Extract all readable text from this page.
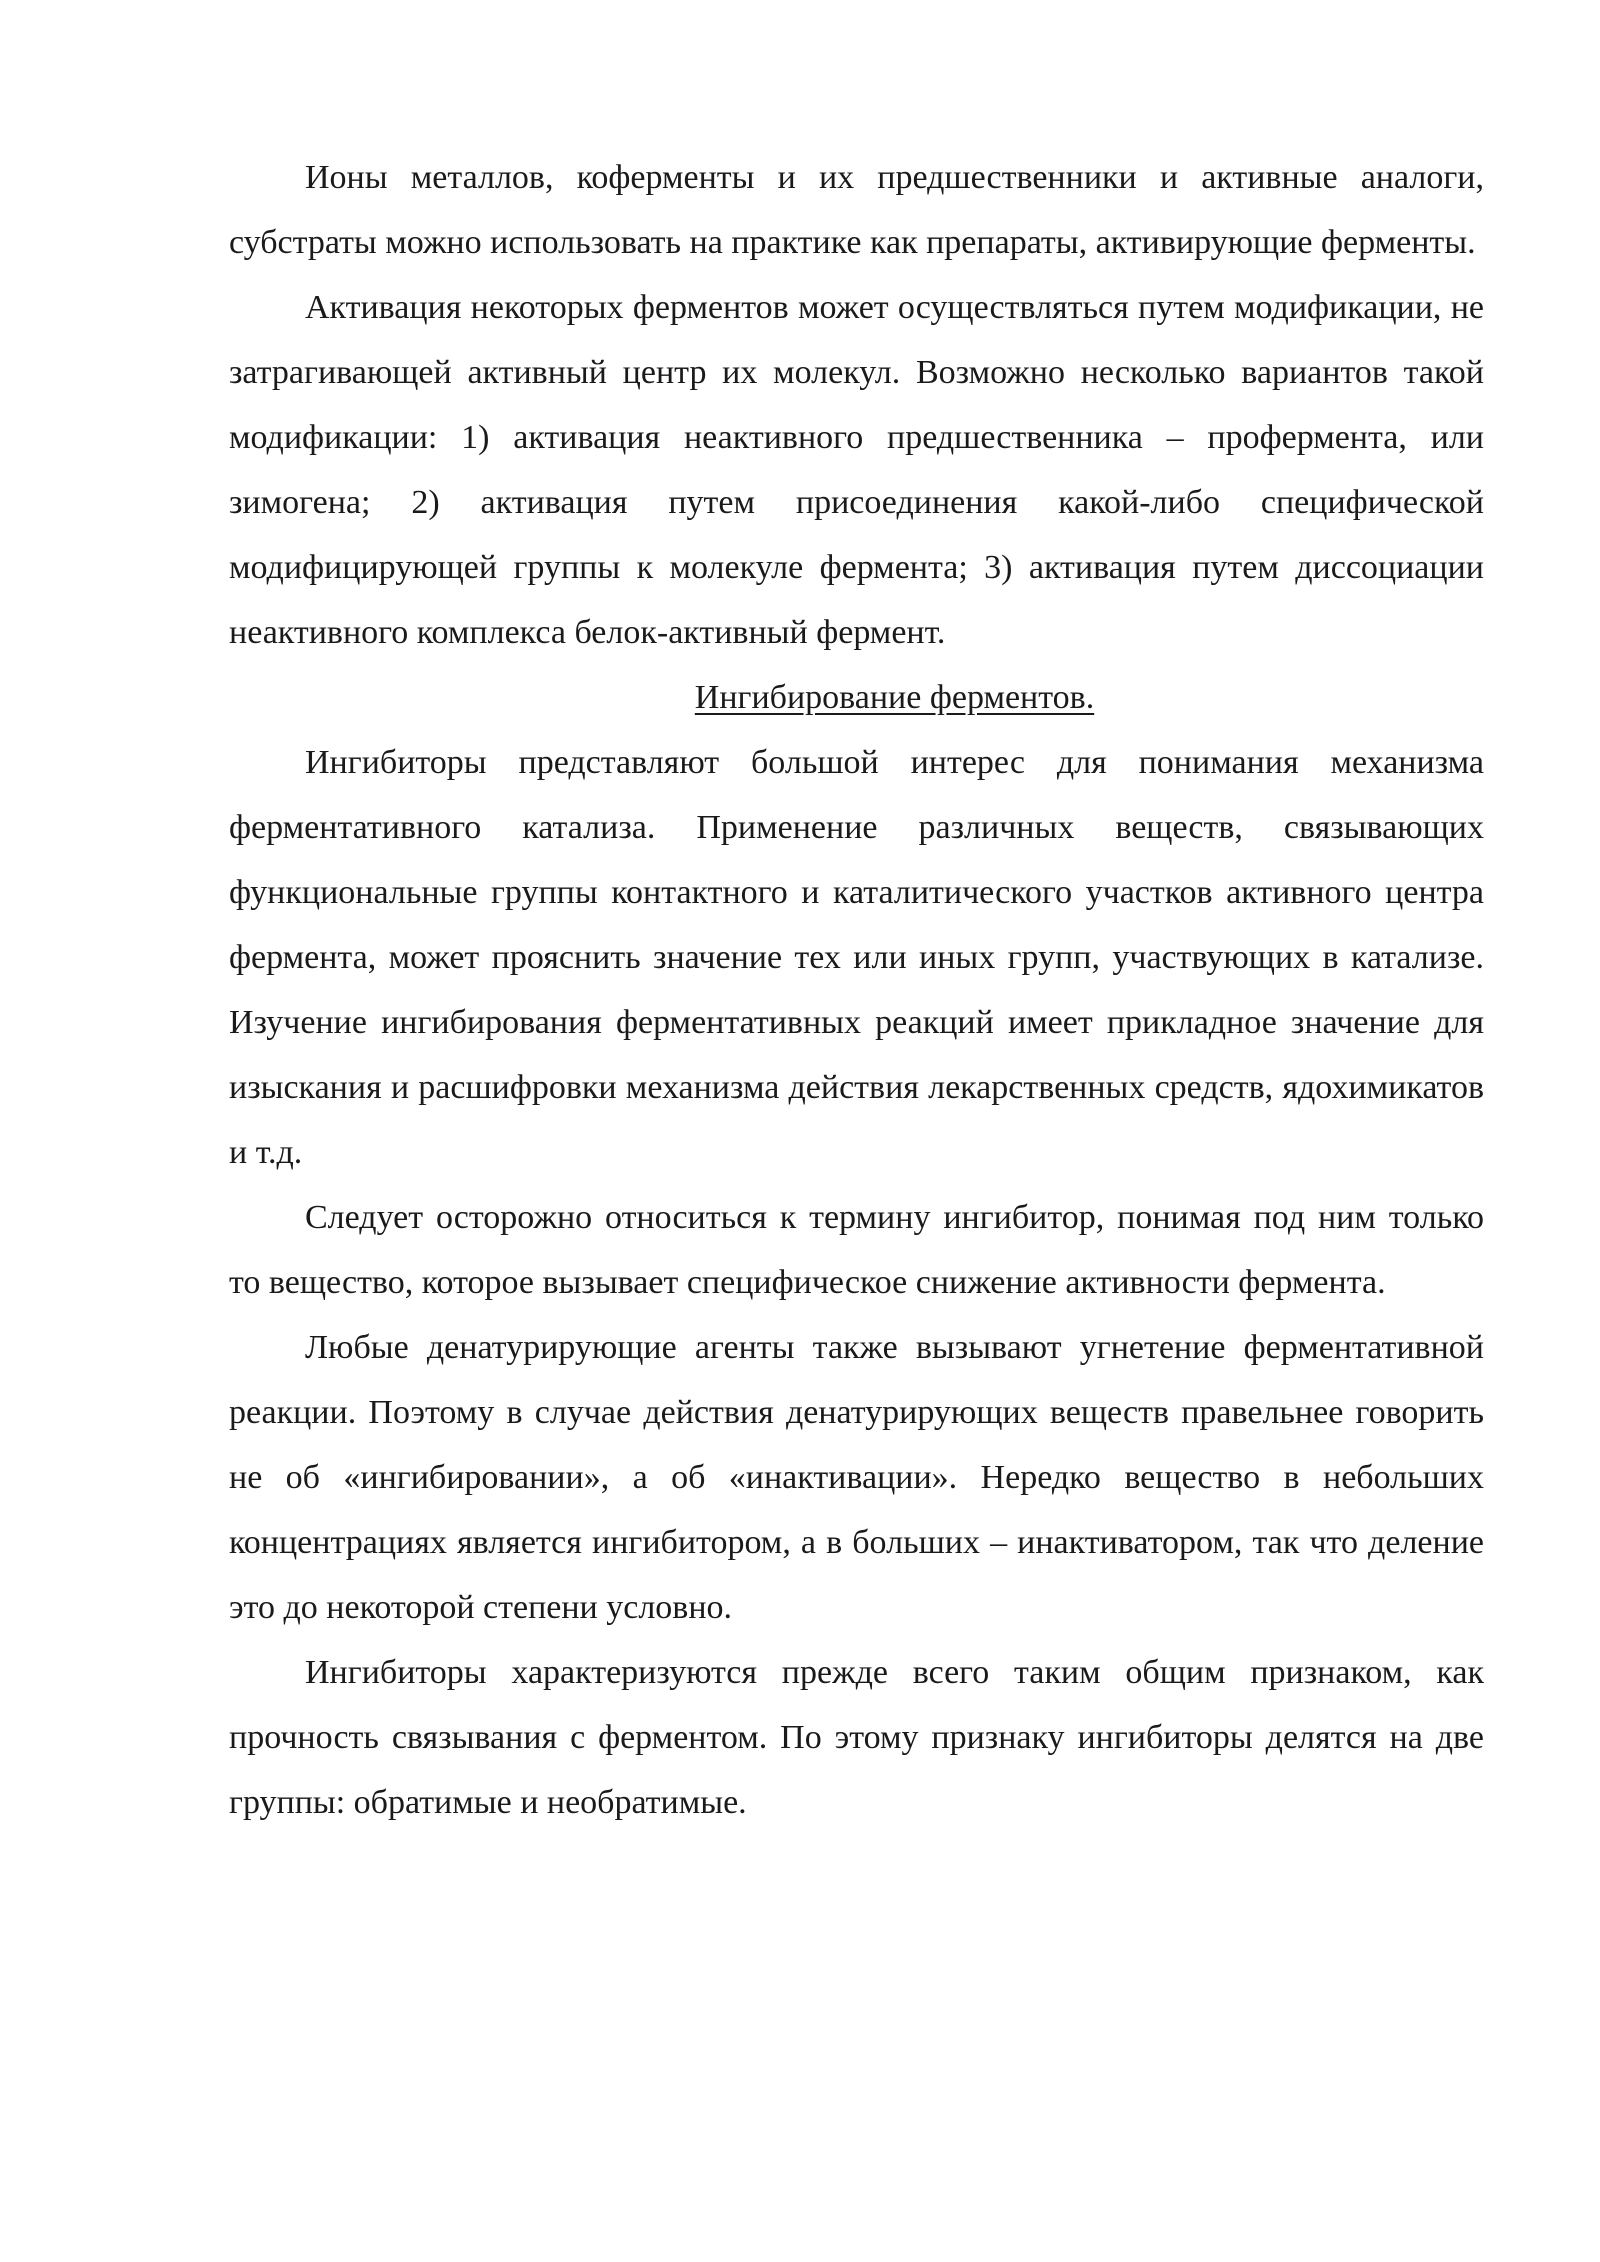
Ионы металлов, коферменты и их предшественники и активные аналоги, субстраты можно использовать на практике как препараты, активирующие ферменты.

Активация некоторых ферментов может осуществляться путем модификации, не затрагивающей активный центр их молекул. Возможно несколько вариантов такой модификации: 1) активация неактивного предшественника – профермента, или зимогена; 2) активация путем присоединения какой-либо специфической модифицирующей группы к молекуле фермента; 3) активация путем диссоциации неактивного комплекса белок-активный фермент.

Ингибирование ферментов.

Ингибиторы представляют большой интерес для понимания механизма ферментативного катализа. Применение различных веществ, связывающих функциональные группы контактного и каталитического участков активного центра фермента, может прояснить значение тех или иных групп, участвующих в катализе. Изучение ингибирования ферментативных реакций имеет прикладное значение для изыскания и расшифровки механизма действия лекарственных средств, ядохимикатов и т.д.

Следует осторожно относиться к термину ингибитор, понимая под ним только то вещество, которое вызывает специфическое снижение активности фермента.

Любые денатурирующие агенты также вызывают угнетение ферментативной реакции. Поэтому в случае действия денатурирующих веществ правельнее говорить не об «ингибировании», а об «инактивации». Нередко вещество в небольших концентрациях является ингибитором, а в больших – инактиватором, так что деление это до некоторой степени условно.

Ингибиторы характеризуются прежде всего таким общим признаком, как прочность связывания с ферментом. По этому признаку ингибиторы делятся на две группы: обратимые и необратимые.
